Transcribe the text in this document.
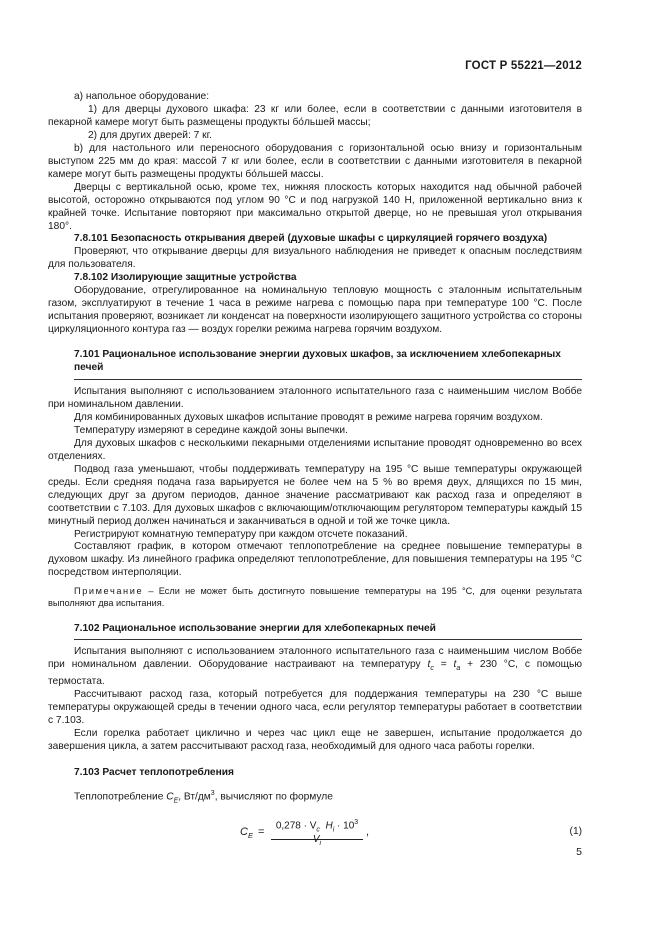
ГОСТ Р 55221—2012

а) напольное оборудование:

1) для дверцы духового шкафа: 23 кг или более, если в соответствии с данными изготовителя в пекарной камере могут быть размещены продукты бо́льшей массы;

2) для других дверей: 7 кг.

b) для настольного или переносного оборудования с горизонтальной осью внизу и горизонтальным выступом 225 мм до края: массой 7 кг или более, если в соответствии с данными изготовителя в пекарной камере могут быть размещены продукты бо́льшей массы.

Дверцы с вертикальной осью, кроме тех, нижняя плоскость которых находится над обычной рабочей высотой, осторожно открываются под углом 90 °С и под нагрузкой 140 Н, приложенной вертикально вниз к крайней точке. Испытание повторяют при максимально открытой дверце, но не превышая угол открывания 180°.

7.8.101 Безопасность открывания дверей (духовые шкафы с циркуляцией горячего воздуха)

Проверяют, что открывание дверцы для визуального наблюдения не приведет к опасным последствиям для пользователя.

7.8.102 Изолирующие защитные устройства

Оборудование, отрегулированное на номинальную тепловую мощность с эталонным испытательным газом, эксплуатируют в течение 1 часа в режиме нагрева с помощью пара при температуре 100 °С. После испытания проверяют, возникает ли конденсат на поверхности изолирующего защитного устройства со стороны циркуляционного контура газ — воздух горелки режима нагрева горячим воздухом.

7.101 Рациональное использование энергии духовых шкафов, за исключением хлебопекарных печей

Испытания выполняют с использованием эталонного испытательного газа с наименьшим числом Воббе при номинальном давлении.

Для комбинированных духовых шкафов испытание проводят в режиме нагрева горячим воздухом.

Температуру измеряют в середине каждой зоны выпечки.

Для духовых шкафов с несколькими пекарными отделениями испытание проводят одновременно во всех отделениях.

Подвод газа уменьшают, чтобы поддерживать температуру на 195 °С выше температуры окружающей среды. Если средняя подача газа варьируется не более чем на 5 % во время двух, длящихся по 15 мин, следующих друг за другом периодов, данное значение рассматривают как расход газа и определяют в соответствии с 7.103. Для духовых шкафов с включающим/отключающим регулятором температуры каждый 15 минутный период должен начинаться и заканчиваться в одной и той же точке цикла.

Регистрируют комнатную температуру при каждом отсчете показаний.

Составляют график, в котором отмечают теплопотребление на среднее повышение температуры в духовом шкафу. Из линейного графика определяют теплопотребление, для повышения температуры на 195 °С посредством интерполяции.

Примечание – Если не может быть достигнуто повышение температуры на 195 °С, для оценки результата выполняют два испытания.

7.102 Рациональное использование энергии для хлебопекарных печей

Испытания выполняют с использованием эталонного испытательного газа с наименьшим числом Воббе при номинальном давлении. Оборудование настраивают на температуру $t_c = t_a + 230$ °С, с помощью термостата.

Рассчитывают расход газа, который потребуется для поддержания температуры на 230 °С выше температуры окружающей среды в течении одного часа, если регулятор температуры работает в соответствии с 7.103.

Если горелка работает циклично и через час цикл еще не завершен, испытание продолжается до завершения цикла, а затем рассчитывают расход газа, необходимый для одного часа работы горелки.

7.103 Расчет теплопотребления

Теплопотребление $C_E$, $Вт/дм^3$, вычисляют по формуле

$C_E$ =
$0,278 \cdot V_c$ $H_i \cdot 10^3$
$V_i$
,	(1)
5
